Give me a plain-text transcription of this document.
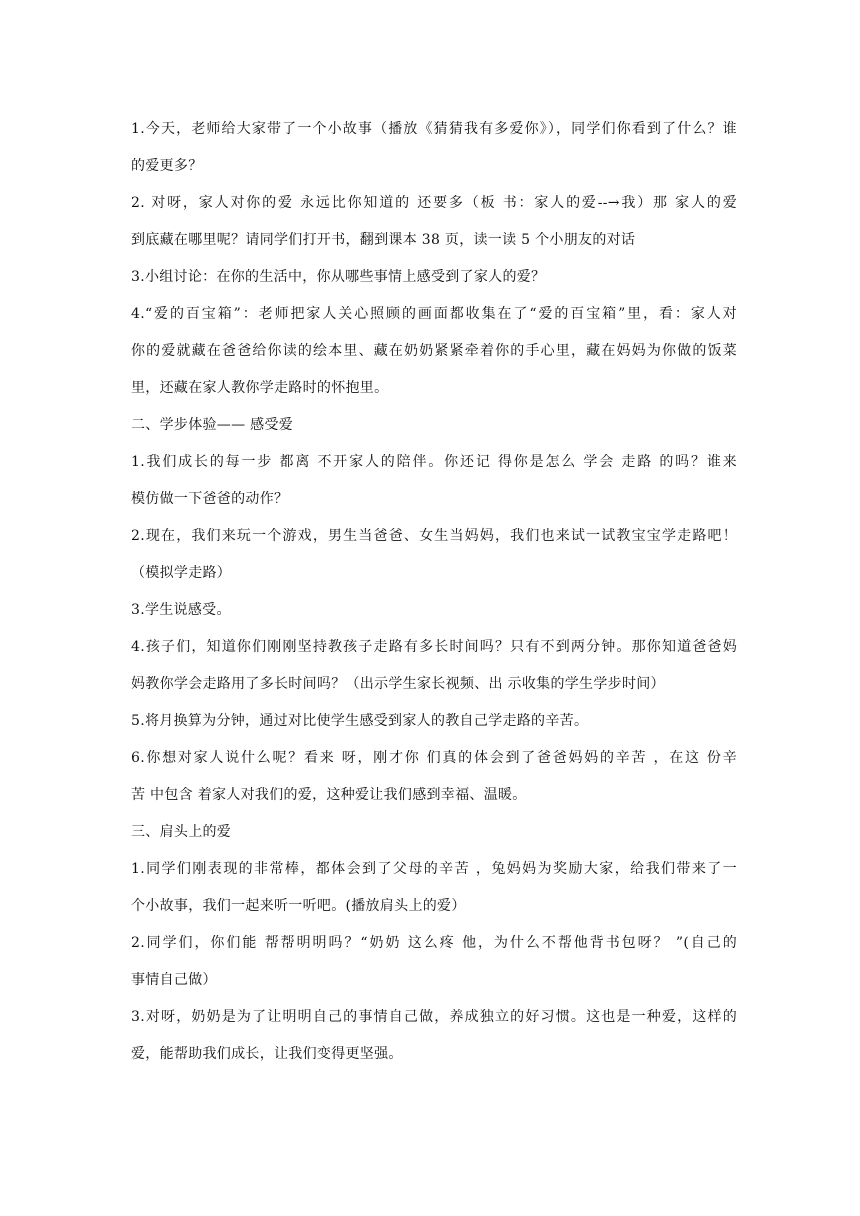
1.今天，老师给大家带了一个小故事（播放《猜猜我有多爱你》），同学们你看到了什么？谁
的爱更多？
2. 对呀，家人对你的爱 永远比你知道的 还要多（板 书：家人的爱--→我）那 家人的爱
到底藏在哪里呢？请同学们打开书，翻到课本 38 页，读一读 5 个小朋友的对话
3.小组讨论：在你的生活中，你从哪些事情上感受到了家人的爱？
4.“爱的百宝箱”：老师把家人关心照顾的画面都收集在了“爱的百宝箱”里，看：家人对
你的爱就藏在爸爸给你读的绘本里、藏在奶奶紧紧牵着你的手心里，藏在妈妈为你做的饭菜
里，还藏在家人教你学走路时的怀抱里。
二、学步体验—— 感受爱
1.我们成长的每一步 都离 不开家人的陪伴。你还记 得你是怎么 学会 走路 的吗？谁来
模仿做一下爸爸的动作？
2.现在，我们来玩一个游戏，男生当爸爸、女生当妈妈，我们也来试一试教宝宝学走路吧！
（模拟学走路）
3.学生说感受。
4.孩子们，知道你们刚刚坚持教孩子走路有多长时间吗？只有不到两分钟。那你知道爸爸妈
妈教你学会走路用了多长时间吗？（出示学生家长视频、出 示收集的学生学步时间）
5.将月换算为分钟，通过对比使学生感受到家人的教自己学走路的辛苦。
6.你想对家人说什么呢？看来 呀，刚才你 们真的体会到了爸爸妈妈的辛苦 ，在这 份辛
苦 中包含 着家人对我们的爱，这种爱让我们感到幸福、温暖。
三、肩头上的爱
1.同学们刚表现的非常棒，都体会到了父母的辛苦 ，兔妈妈为奖励大家，给我们带来了一
个小故事，我们一起来听一听吧。(播放肩头上的爱）
2.同学们，你们能 帮帮明明吗？“奶奶 这么疼 他，为什么不帮他背书包呀？ ”(自己的
事情自己做）
3.对呀，奶奶是为了让明明自己的事情自己做，养成独立的好习惯。这也是一种爱，这样的
爱，能帮助我们成长，让我们变得更坚强。
